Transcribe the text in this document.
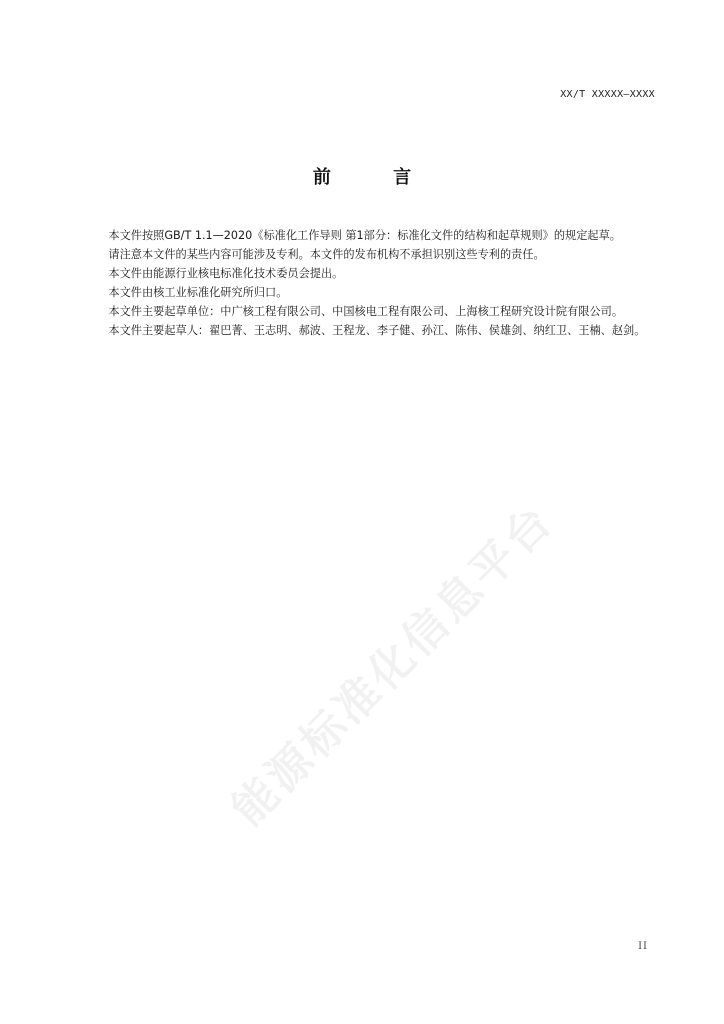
XX/T XXXXX—XXXX
前 言

本文件按照GB/T 1.1—2020《标准化工作导则 第1部分：标准化文件的结构和起草规则》的规定起草。

请注意本文件的某些内容可能涉及专利。本文件的发布机构不承担识别这些专利的责任。

本文件由能源行业核电标准化技术委员会提出。

本文件由核工业标准化研究所归口。

本文件主要起草单位：中广核工程有限公司、中国核电工程有限公司、上海核工程研究设计院有限公司。

本文件主要起草人：翟巴菁、王志明、郝波、王程龙、李子健、孙江、陈伟、侯雄剑、纳红卫、王楠、赵剑。

能源标准化信息平台
II
